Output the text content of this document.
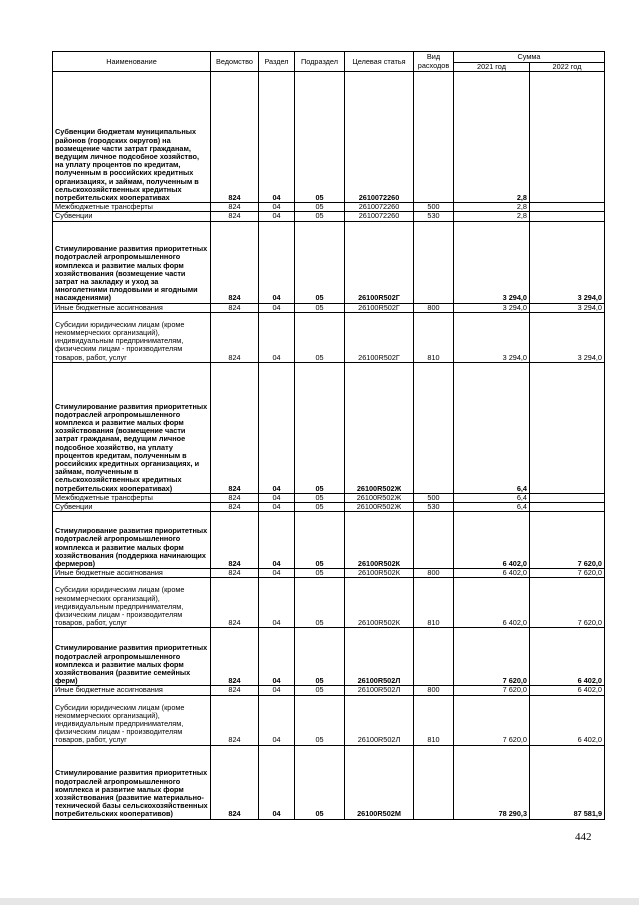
Наименование	Ведомство	Раздел	Подраздел	Целевая статья	Вид расходов	Сумма	
						2021 год	2022 год
Субвенции бюджетам муниципальных районов (городских округов) на возмещение части затрат гражданам, ведущим личное подсобное хозяйство, на уплату процентов по кредитам, полученным в российских кредитных организациях, и займам, полученным в сельскохозяйственных кредитных потребительских кооперативах	824	04	05	2610072260		2,8	
Межбюджетные трансферты	824	04	05	2610072260	500	2,8	
Субвенции	824	04	05	2610072260	530	2,8	
Стимулирование развития приоритетных подотраслей агропромышленного комплекса и развитие малых форм хозяйствования (возмещение части затрат на закладку и уход за многолетними плодовыми и ягодными насаждениями)	824	04	05	26100R502Г		3 294,0	3 294,0
Иные бюджетные ассигнования	824	04	05	26100R502Г	800	3 294,0	3 294,0
Субсидии юридическим лицам (кроме некоммерческих организаций), индивидуальным предпринимателям, физическим лицам - производителям товаров, работ, услуг	824	04	05	26100R502Г	810	3 294,0	3 294,0
Стимулирование развития приоритетных подотраслей агропромышленного комплекса и развитие малых форм хозяйствования (возмещение части затрат гражданам, ведущим личное подсобное хозяйство, на уплату процентов кредитам, полученным в российских кредитных организациях, и займам, полученным в сельскохозяйственных кредитных потребительских кооперативах)	824	04	05	26100R502Ж		6,4	
Межбюджетные трансферты	824	04	05	26100R502Ж	500	6,4	
Субвенции	824	04	05	26100R502Ж	530	6,4	
Стимулирование развития приоритетных подотраслей агропромышленного комплекса и развитие малых форм хозяйствования (поддержка начинающих фермеров)	824	04	05	26100R502К		6 402,0	7 620,0
Иные бюджетные ассигнования	824	04	05	26100R502К	800	6 402,0	7 620,0
Субсидии юридическим лицам (кроме некоммерческих организаций), индивидуальным предпринимателям, физическим лицам - производителям товаров, работ, услуг	824	04	05	26100R502К	810	6 402,0	7 620,0
Стимулирование развития приоритетных подотраслей агропромышленного комплекса и развитие малых форм хозяйствования (развитие семейных ферм)	824	04	05	26100R502Л		7 620,0	6 402,0
Иные бюджетные ассигнования	824	04	05	26100R502Л	800	7 620,0	6 402,0
Субсидии юридическим лицам (кроме некоммерческих организаций), индивидуальным предпринимателям, физическим лицам - производителям товаров, работ, услуг	824	04	05	26100R502Л	810	7 620,0	6 402,0
Стимулирование развития приоритетных подотраслей агропромышленного комплекса и развитие малых форм хозяйствования (развитие материально-технической базы сельскохозяйственных потребительских кооперативов)	824	04	05	26100R502М		78 290,3	87 581,9
442
